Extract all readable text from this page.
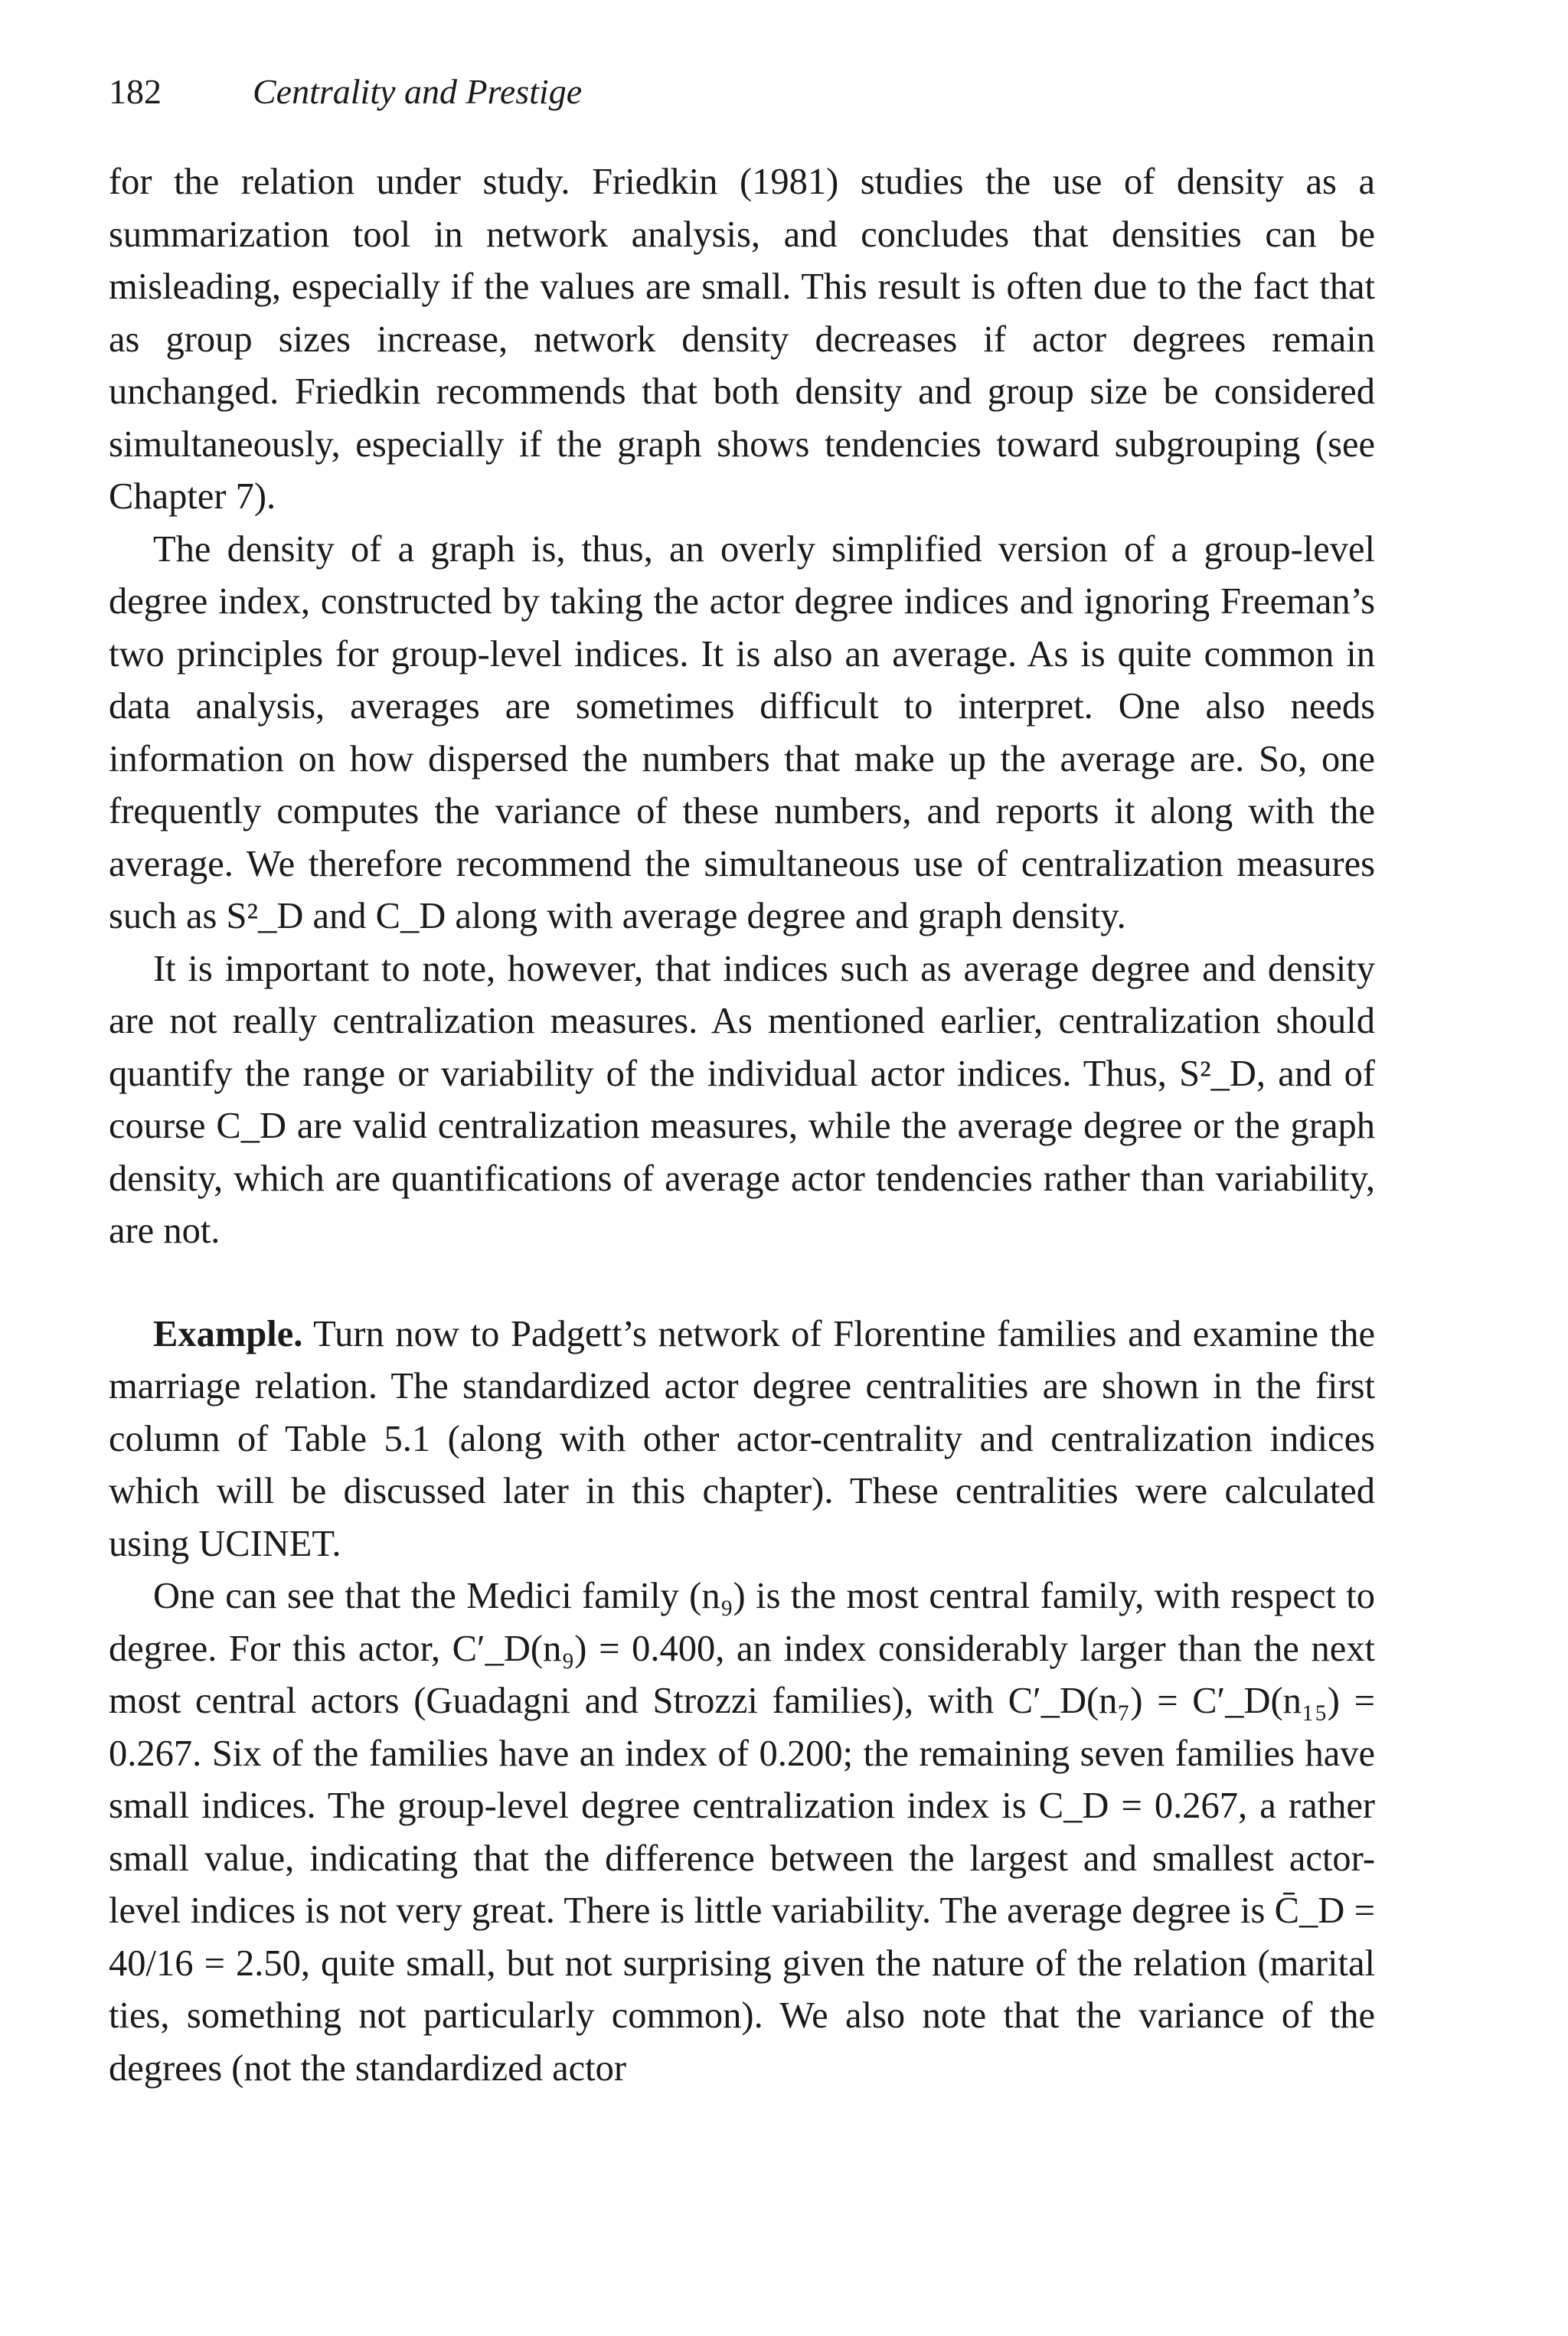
182	Centrality and Prestige

for the relation under study. Friedkin (1981) studies the use of density as a summarization tool in network analysis, and concludes that densities can be misleading, especially if the values are small. This result is often due to the fact that as group sizes increase, network density decreases if actor degrees remain unchanged. Friedkin recommends that both density and group size be considered simultaneously, especially if the graph shows tendencies toward subgrouping (see Chapter 7).

The density of a graph is, thus, an overly simplified version of a group-level degree index, constructed by taking the actor degree indices and ignoring Freeman’s two principles for group-level indices. It is also an average. As is quite common in data analysis, averages are sometimes difficult to interpret. One also needs information on how dispersed the numbers that make up the average are. So, one frequently computes the variance of these numbers, and reports it along with the average. We therefore recommend the simultaneous use of centralization measures such as S²_D and C_D along with average degree and graph density.

It is important to note, however, that indices such as average degree and density are not really centralization measures. As mentioned earlier, centralization should quantify the range or variability of the individual actor indices. Thus, S²_D, and of course C_D are valid centralization measures, while the average degree or the graph density, which are quantifications of average actor tendencies rather than variability, are not.

Example. Turn now to Padgett’s network of Florentine families and examine the marriage relation. The standardized actor degree centralities are shown in the first column of Table 5.1 (along with other actor-centrality and centralization indices which will be discussed later in this chapter). These centralities were calculated using UCINET.

One can see that the Medici family (n₉) is the most central family, with respect to degree. For this actor, C′_D(n₉) = 0.400, an index considerably larger than the next most central actors (Guadagni and Strozzi families), with C′_D(n₇) = C′_D(n₁₅) = 0.267. Six of the families have an index of 0.200; the remaining seven families have small indices. The group-level degree centralization index is C_D = 0.267, a rather small value, indicating that the difference between the largest and smallest actor-level indices is not very great. There is little variability. The average degree is C̄_D = 40/16 = 2.50, quite small, but not surprising given the nature of the relation (marital ties, something not particularly common). We also note that the variance of the degrees (not the standardized actor
